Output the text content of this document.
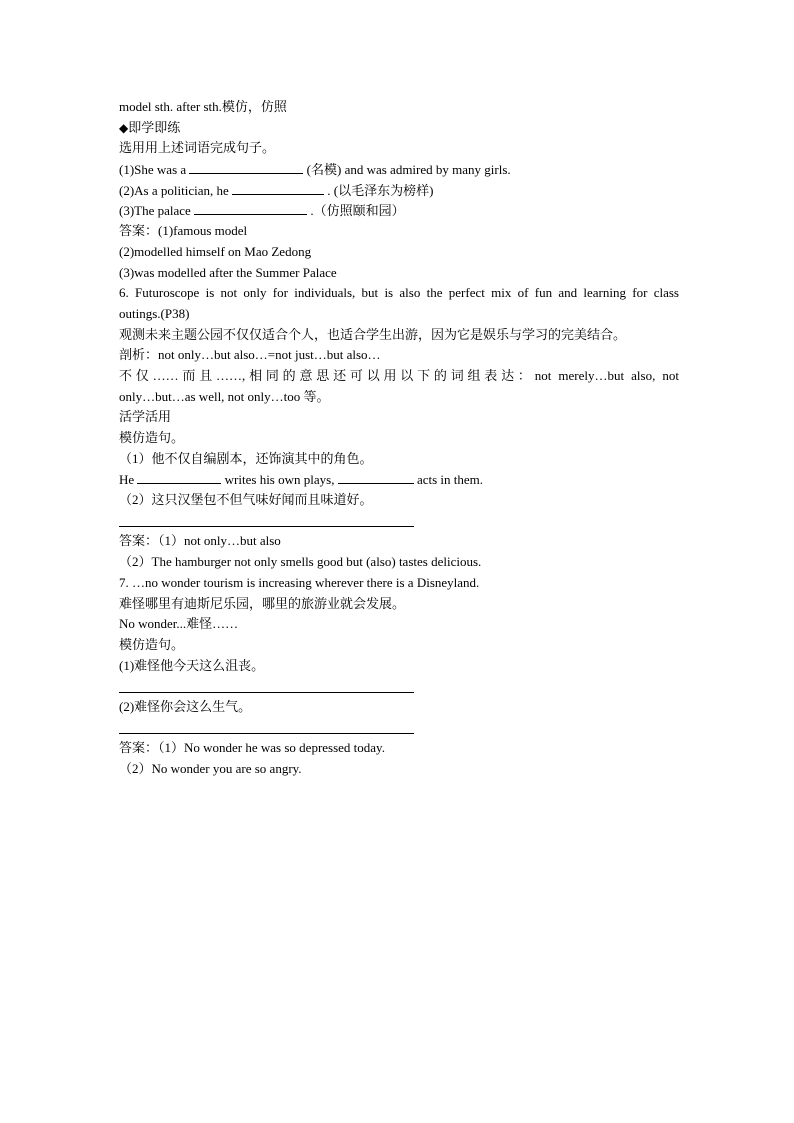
model sth. after sth.模仿，仿照
◆即学即练
选用用上述词语完成句子。
(1)She was a	(名模) and was admired by many girls.
(2)As a politician, he	. (以毛泽东为榜样)
(3)The palace	.（仿照颐和园）
答案：(1)famous model
(2)modelled himself on Mao Zedong
(3)was modelled after the Summer Palace
6. Futuroscope is not only for individuals, but is also the perfect mix of fun and learning for class
outings.(P38)
观测未来主题公园不仅仅适合个人，也适合学生出游，因为它是娱乐与学习的完美结合。
剖析：not only…but also…=not just…but also…
不仅……而且……,相同的意思还可以用以下的词组表达：not merely…but also, not
only…but…as well, not only…too 等。
活学活用
模仿造句。
（1）他不仅自编剧本，还饰演其中的角色。
He	writes his own plays,	acts in them.
（2）这只汉堡包不但气味好闻而且味道好。
答案：（1）not only…but also
（2）The hamburger not only smells good but (also) tastes delicious.
7. …no wonder tourism is increasing wherever there is a Disneyland.
难怪哪里有迪斯尼乐园，哪里的旅游业就会发展。
No wonder...难怪……
模仿造句。
(1)难怪他今天这么沮丧。
(2)难怪你会这么生气。
答案：（1）No wonder he was so depressed today.
（2）No wonder you are so angry.
